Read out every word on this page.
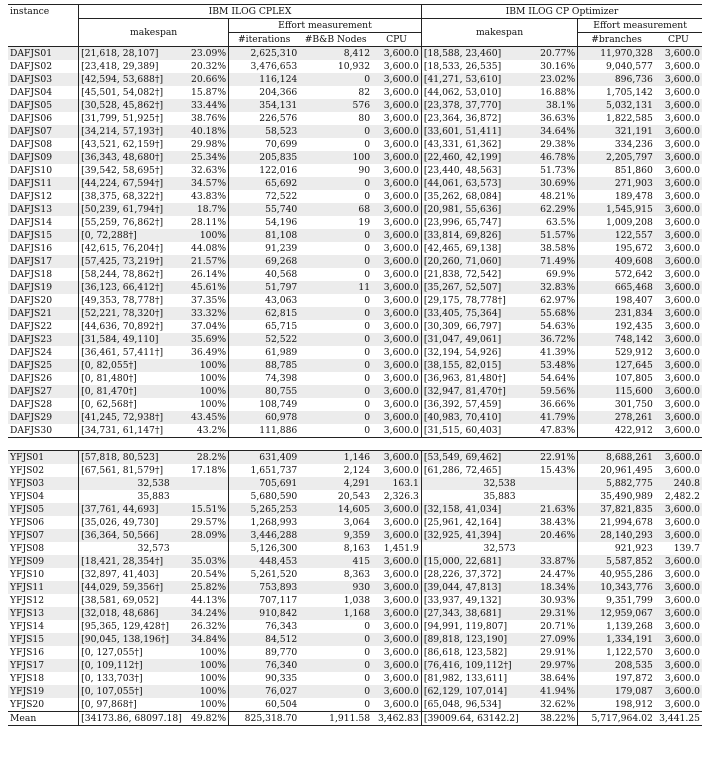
instance	IBM ILOG CPLEX				IBM ILOG CP Optimizer		
	makespan	Effort measurement			makespan	Effort measurement	
		#iterations	#B&B Nodes	CPU		#branches	CPU
DAFJS01	[21,618, 28,107] 23.09%	2,625,310	8,412	3,600.0	[18,588, 23,460] 20.77%	11,970,328	3,600.0
DAFJS02	[23,418, 29,389] 20.32%	3,476,653	10,932	3,600.0	[18,533, 26,535] 30.16%	9,040,577	3,600.0
DAFJS03	[42,594, 53,688†] 20.66%	116,124	0	3,600.0	[41,271, 53,610] 23.02%	896,736	3,600.0
DAFJS04	[45,501, 54,082†] 15.87%	204,366	82	3,600.0	[44,062, 53,010] 16.88%	1,705,142	3,600.0
DAFJS05	[30,528, 45,862†] 33.44%	354,131	576	3,600.0	[23,378, 37,770] 38.1%	5,032,131	3,600.0
DAFJS06	[31,799, 51,925†] 38.76%	226,576	80	3,600.0	[23,364, 36,872] 36.63%	1,822,585	3,600.0
DAFJS07	[34,214, 57,193†] 40.18%	58,523	0	3,600.0	[33,601, 51,411] 34.64%	321,191	3,600.0
DAFJS08	[43,521, 62,159†] 29.98%	70,699	0	3,600.0	[43,331, 61,362] 29.38%	334,236	3,600.0
DAFJS09	[36,343, 48,680†] 25.34%	205,835	100	3,600.0	[22,460, 42,199] 46.78%	2,205,797	3,600.0
DAFJS10	[39,542, 58,695†] 32.63%	122,016	90	3,600.0	[23,440, 48,563] 51.73%	851,860	3,600.0
DAFJS11	[44,224, 67,594†] 34.57%	65,692	0	3,600.0	[44,061, 63,573] 30.69%	271,903	3,600.0
DAFJS12	[38,375, 68,322†] 43.83%	72,522	0	3,600.0	[35,262, 68,084] 48.21%	189,478	3,600.0
DAFJS13	[50,239, 61,794†] 18.7%	55,740	68	3,600.0	[20,981, 55,636] 62.29%	1,545,915	3,600.0
DAFJS14	[55,259, 76,862†] 28.11%	54,196	19	3,600.0	[23,996, 65,747] 63.5%	1,009,208	3,600.0
DAFJS15	[0, 72,288†] 100%	81,108	0	3,600.0	[33,814, 69,826] 51.57%	122,557	3,600.0
DAFJS16	[42,615, 76,204†] 44.08%	91,239	0	3,600.0	[42,465, 69,138] 38.58%	195,672	3,600.0
DAFJS17	[57,425, 73,219†] 21.57%	69,268	0	3,600.0	[20,260, 71,060] 71.49%	409,608	3,600.0
DAFJS18	[58,244, 78,862†] 26.14%	40,568	0	3,600.0	[21,838, 72,542] 69.9%	572,642	3,600.0
DAFJS19	[36,123, 66,412†] 45.61%	51,797	11	3,600.0	[35,267, 52,507] 32.83%	665,468	3,600.0
DAFJS20	[49,353, 78,778†] 37.35%	43,063	0	3,600.0	[29,175, 78,778†] 62.97%	198,407	3,600.0
DAFJS21	[52,221, 78,320†] 33.32%	62,815	0	3,600.0	[33,405, 75,364] 55.68%	231,834	3,600.0
DAFJS22	[44,636, 70,892†] 37.04%	65,715	0	3,600.0	[30,309, 66,797] 54.63%	192,435	3,600.0
DAFJS23	[31,584, 49,110] 35.69%	52,522	0	3,600.0	[31,047, 49,061] 36.72%	748,142	3,600.0
DAFJS24	[36,461, 57,411†] 36.49%	61,989	0	3,600.0	[32,194, 54,926] 41.39%	529,912	3,600.0
DAFJS25	[0, 82,055†] 100%	88,785	0	3,600.0	[38,155, 82,015] 53.48%	127,645	3,600.0
DAFJS26	[0, 81,480†] 100%	74,398	0	3,600.0	[36,963, 81,480†] 54.64%	107,805	3,600.0
DAFJS27	[0, 81,470†] 100%	80,755	0	3,600.0	[32,947, 81,470†] 59.56%	115,600	3,600.0
DAFJS28	[0, 62,568†] 100%	108,749	0	3,600.0	[36,392, 57,459] 36.66%	301,750	3,600.0
DAFJS29	[41,245, 72,938†] 43.45%	60,978	0	3,600.0	[40,983, 70,410] 41.79%	278,261	3,600.0
DAFJS30	[34,731, 61,147†] 43.2%	111,886	0	3,600.0	[31,515, 60,403] 47.83%	422,912	3,600.0

YFJS01	[57,818, 80,523] 28.2%	631,409	1,146	3,600.0	[53,549, 69,462] 22.91%	8,688,261	3,600.0
YFJS02	[67,561, 81,579†] 17.18%	1,651,737	2,124	3,600.0	[61,286, 72,465] 15.43%	20,961,495	3,600.0
YFJS03	32,538	705,691	4,291	163.1	32,538	5,882,775	240.8
YFJS04	35,883	5,680,590	20,543	2,326.3	35,883	35,490,989	2,482.2
YFJS05	[37,761, 44,693] 15.51%	5,265,253	14,605	3,600.0	[32,158, 41,034] 21.63%	37,821,835	3,600.0
YFJS06	[35,026, 49,730] 29.57%	1,268,993	3,064	3,600.0	[25,961, 42,164] 38.43%	21,994,678	3,600.0
YFJS07	[36,364, 50,566] 28.09%	3,446,288	9,359	3,600.0	[32,925, 41,394] 20.46%	28,140,293	3,600.0
YFJS08	32,573	5,126,300	8,163	1,451.9	32,573	921,923	139.7
YFJS09	[18,421, 28,354†] 35.03%	448,453	415	3,600.0	[15,000, 22,681] 33.87%	5,587,852	3,600.0
YFJS10	[32,897, 41,403] 20.54%	5,261,520	8,363	3,600.0	[28,226, 37,372] 24.47%	40,955,286	3,600.0
YFJS11	[44,029, 59,356†] 25.82%	753,893	930	3,600.0	[39,044, 47,813] 18.34%	10,343,776	3,600.0
YFJS12	[38,581, 69,052] 44.13%	707,117	1,038	3,600.0	[33,937, 49,132] 30.93%	9,351,799	3,600.0
YFJS13	[32,018, 48,686] 34.24%	910,842	1,168	3,600.0	[27,343, 38,681] 29.31%	12,959,067	3,600.0
YFJS14	[95,365, 129,428†] 26.32%	76,343	0	3,600.0	[94,991, 119,807] 20.71%	1,139,268	3,600.0
YFJS15	[90,045, 138,196†] 34.84%	84,512	0	3,600.0	[89,818, 123,190] 27.09%	1,334,191	3,600.0
YFJS16	[0, 127,055†] 100%	89,770	0	3,600.0	[86,618, 123,582] 29.91%	1,122,570	3,600.0
YFJS17	[0, 109,112†] 100%	76,340	0	3,600.0	[76,416, 109,112†] 29.97%	208,535	3,600.0
YFJS18	[0, 133,703†] 100%	90,335	0	3,600.0	[81,982, 133,611] 38.64%	197,872	3,600.0
YFJS19	[0, 107,055†] 100%	76,027	0	3,600.0	[62,129, 107,014] 41.94%	179,087	3,600.0
YFJS20	[0, 97,868†] 100%	60,504	0	3,600.0	[65,048, 96,534] 32.62%	198,912	3,600.0
Mean	[34173.86, 68097.18] 49.82%	825,318.70	1,911.58	3,462.83	[39009.64, 63142.2] 38.22%	5,717,964.02	3,441.25
